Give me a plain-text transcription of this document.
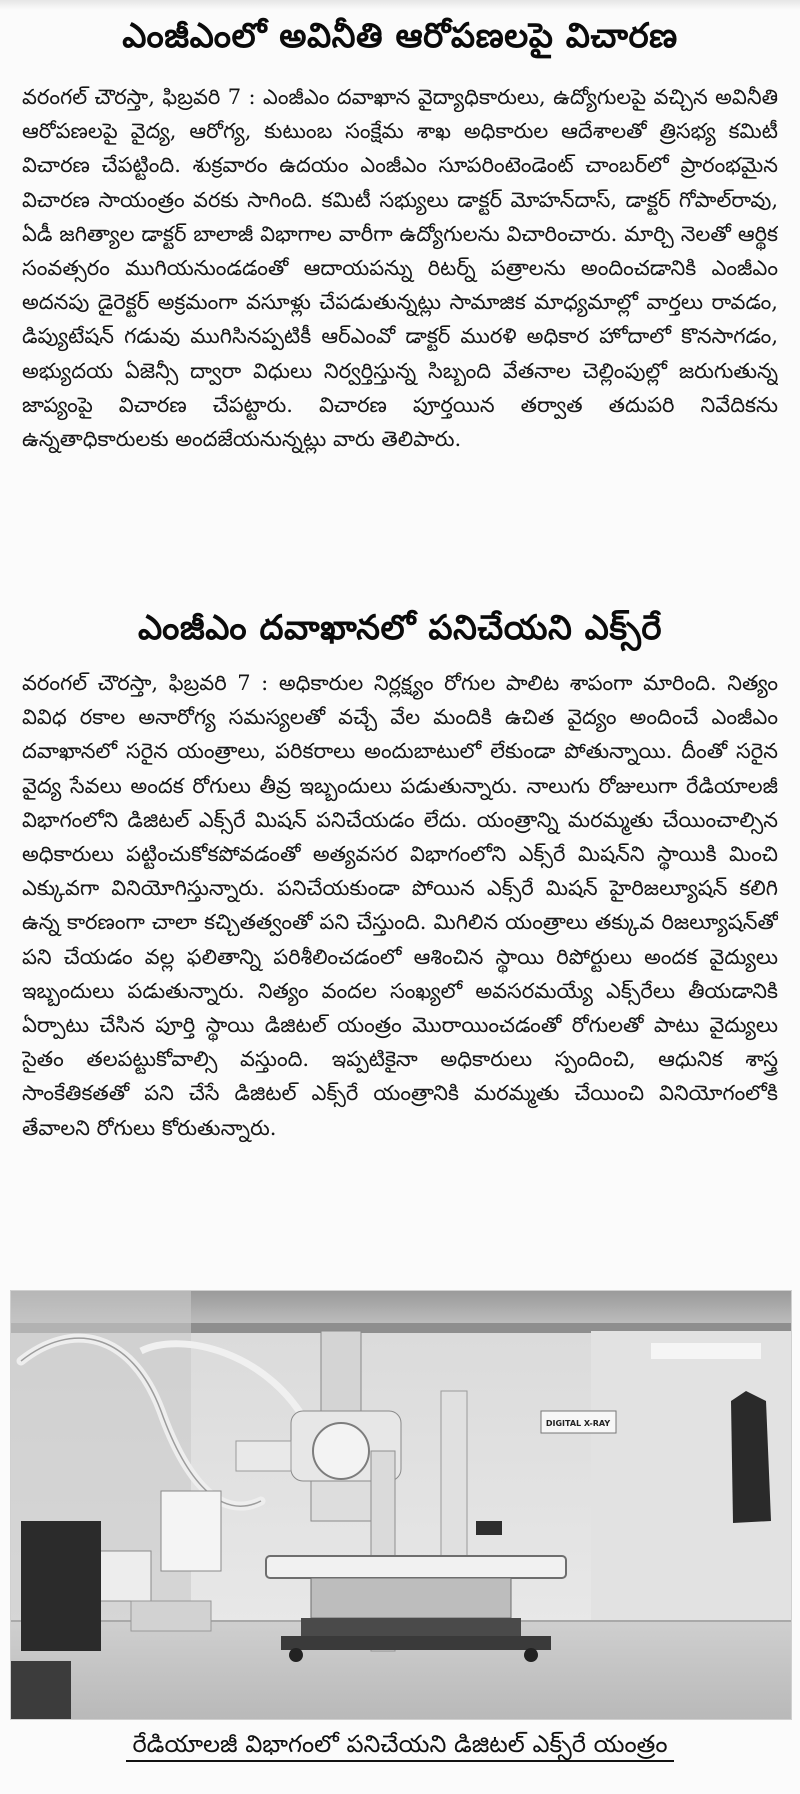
ఎంజీఎంలో అవినీతి ఆరోపణలపై విచారణ

వరంగల్ చౌరస్తా, ఫిబ్రవరి 7 : ఎంజీఎం దవాఖాన వైద్యాధికారులు, ఉద్యోగులపై వచ్చిన అవినీతి ఆరోపణలపై వైద్య, ఆరోగ్య, కుటుంబ సంక్షేమ శాఖ అధికారుల ఆదేశాలతో త్రిసభ్య కమిటీ విచారణ చేపట్టింది. శుక్రవారం ఉదయం ఎంజీఎం సూపరింటెండెంట్ చాంబర్‌లో ప్రారంభమైన విచారణ సాయంత్రం వరకు సాగింది. కమిటీ సభ్యులు డాక్టర్ మోహన్‌దాస్, డాక్టర్ గోపాల్‌రావు, ఏడీ జగిత్యాల డాక్టర్ బాలాజీ విభాగాల వారీగా ఉద్యోగులను విచారించారు. మార్చి నెలతో ఆర్థిక సంవత్సరం ముగియనుండడంతో ఆదాయపన్ను రిటర్న్ పత్రాలను అందించడానికి ఎంజీఎం అదనపు డైరెక్టర్ అక్రమంగా వసూళ్లు చేపడుతున్నట్లు సామాజిక మాధ్యమాల్లో వార్తలు రావడం, డిప్యుటేషన్ గడువు ముగిసినప్పటికీ ఆర్ఎంవో డాక్టర్ మురళి అధికార హోదాలో కొనసాగడం, అభ్యుదయ ఏజెన్సీ ద్వారా విధులు నిర్వర్తిస్తున్న సిబ్బంది వేతనాల చెల్లింపుల్లో జరుగుతున్న జాప్యంపై విచారణ చేపట్టారు. విచారణ పూర్తయిన తర్వాత తదుపరి నివేదికను ఉన్నతాధికారులకు అందజేయనున్నట్లు వారు తెలిపారు.

ఎంజీఎం దవాఖానలో పనిచేయని ఎక్స్‌రే

వరంగల్ చౌరస్తా, ఫిబ్రవరి 7 : అధికారుల నిర్లక్ష్యం రోగుల పాలిట శాపంగా మారింది. నిత్యం వివిధ రకాల అనారోగ్య సమస్యలతో వచ్చే వేల మందికి ఉచిత వైద్యం అందించే ఎంజీఎం దవాఖానలో సరైన యంత్రాలు, పరికరాలు అందుబాటులో లేకుండా పోతున్నాయి. దీంతో సరైన వైద్య సేవలు అందక రోగులు తీవ్ర ఇబ్బందులు పడుతున్నారు. నాలుగు రోజులుగా రేడియాలజీ విభాగంలోని డిజిటల్ ఎక్స్‌రే మిషన్ పనిచేయడం లేదు. యంత్రాన్ని మరమ్మతు చేయించాల్సిన అధికారులు పట్టించుకోకపోవడంతో అత్యవసర విభాగంలోని ఎక్స్‌రే మిషన్‌ని స్థాయికి మించి ఎక్కువగా వినియోగిస్తున్నారు. పనిచేయకుండా పోయిన ఎక్స్‌రే మిషన్ హైరిజల్యూషన్ కలిగి ఉన్న కారణంగా చాలా కచ్చితత్వంతో పని చేస్తుంది. మిగిలిన యంత్రాలు తక్కువ రిజల్యూషన్‌తో పని చేయడం వల్ల ఫలితాన్ని పరిశీలించడంలో ఆశించిన స్థాయి రిపోర్టులు అందక వైద్యులు ఇబ్బందులు పడుతున్నారు. నిత్యం వందల సంఖ్యలో అవసరమయ్యే ఎక్స్‌రేలు తీయడానికి ఏర్పాటు చేసిన పూర్తి స్థాయి డిజిటల్ యంత్రం మొరాయించడంతో రోగులతో పాటు వైద్యులు సైతం తలపట్టుకోవాల్సి వస్తుంది. ఇప్పటికైనా అధికారులు స్పందించి, ఆధునిక శాస్త్ర సాంకేతికతతో పని చేసే డిజిటల్ ఎక్స్‌రే యంత్రానికి మరమ్మతు చేయించి వినియోగంలోకి తేవాలని రోగులు కోరుతున్నారు.

DIGITAL X-RAY
రేడియాలజీ విభాగంలో పనిచేయని డిజిటల్ ఎక్స్‌రే యంత్రం
